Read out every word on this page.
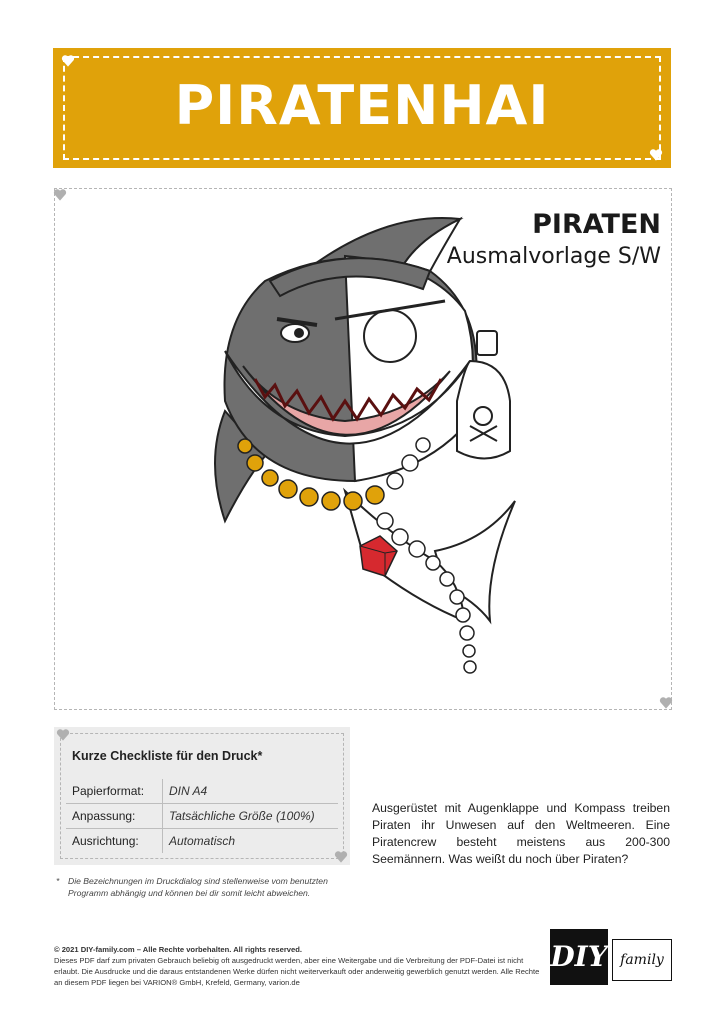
PIRATENHAI
PIRATEN
Ausmalvorlage S/W
Kurze Checkliste für den Druck*
Papierformat:	DIN A4
Anpassung:	Tatsächliche Größe (100%)
Ausrichtung:	Automatisch
* Die Bezeichnungen im Druckdialog sind stellenweise vom benutzten Programm abhängig und können bei dir somit leicht abweichen.
Ausgerüstet mit Augenklappe und Kompass treiben Piraten ihr Unwesen auf den Weltmeeren. Eine Piratencrew besteht meistens aus 200-300 Seemännern. Was weißt du noch über Piraten?
© 2021 DIY-family.com – Alle Rechte vorbehalten. All rights reserved.
Dieses PDF darf zum privaten Gebrauch beliebig oft ausgedruckt werden, aber eine Weitergabe und die Verbreitung der PDF-Datei ist nicht erlaubt. Die Ausdrucke und die daraus entstandenen Werke dürfen nicht weiterverkauft oder anderweitig gewerblich genutzt werden. Alle Rechte an diesem PDF liegen bei VARION® GmbH, Krefeld, Germany, varion.de
DIY family
